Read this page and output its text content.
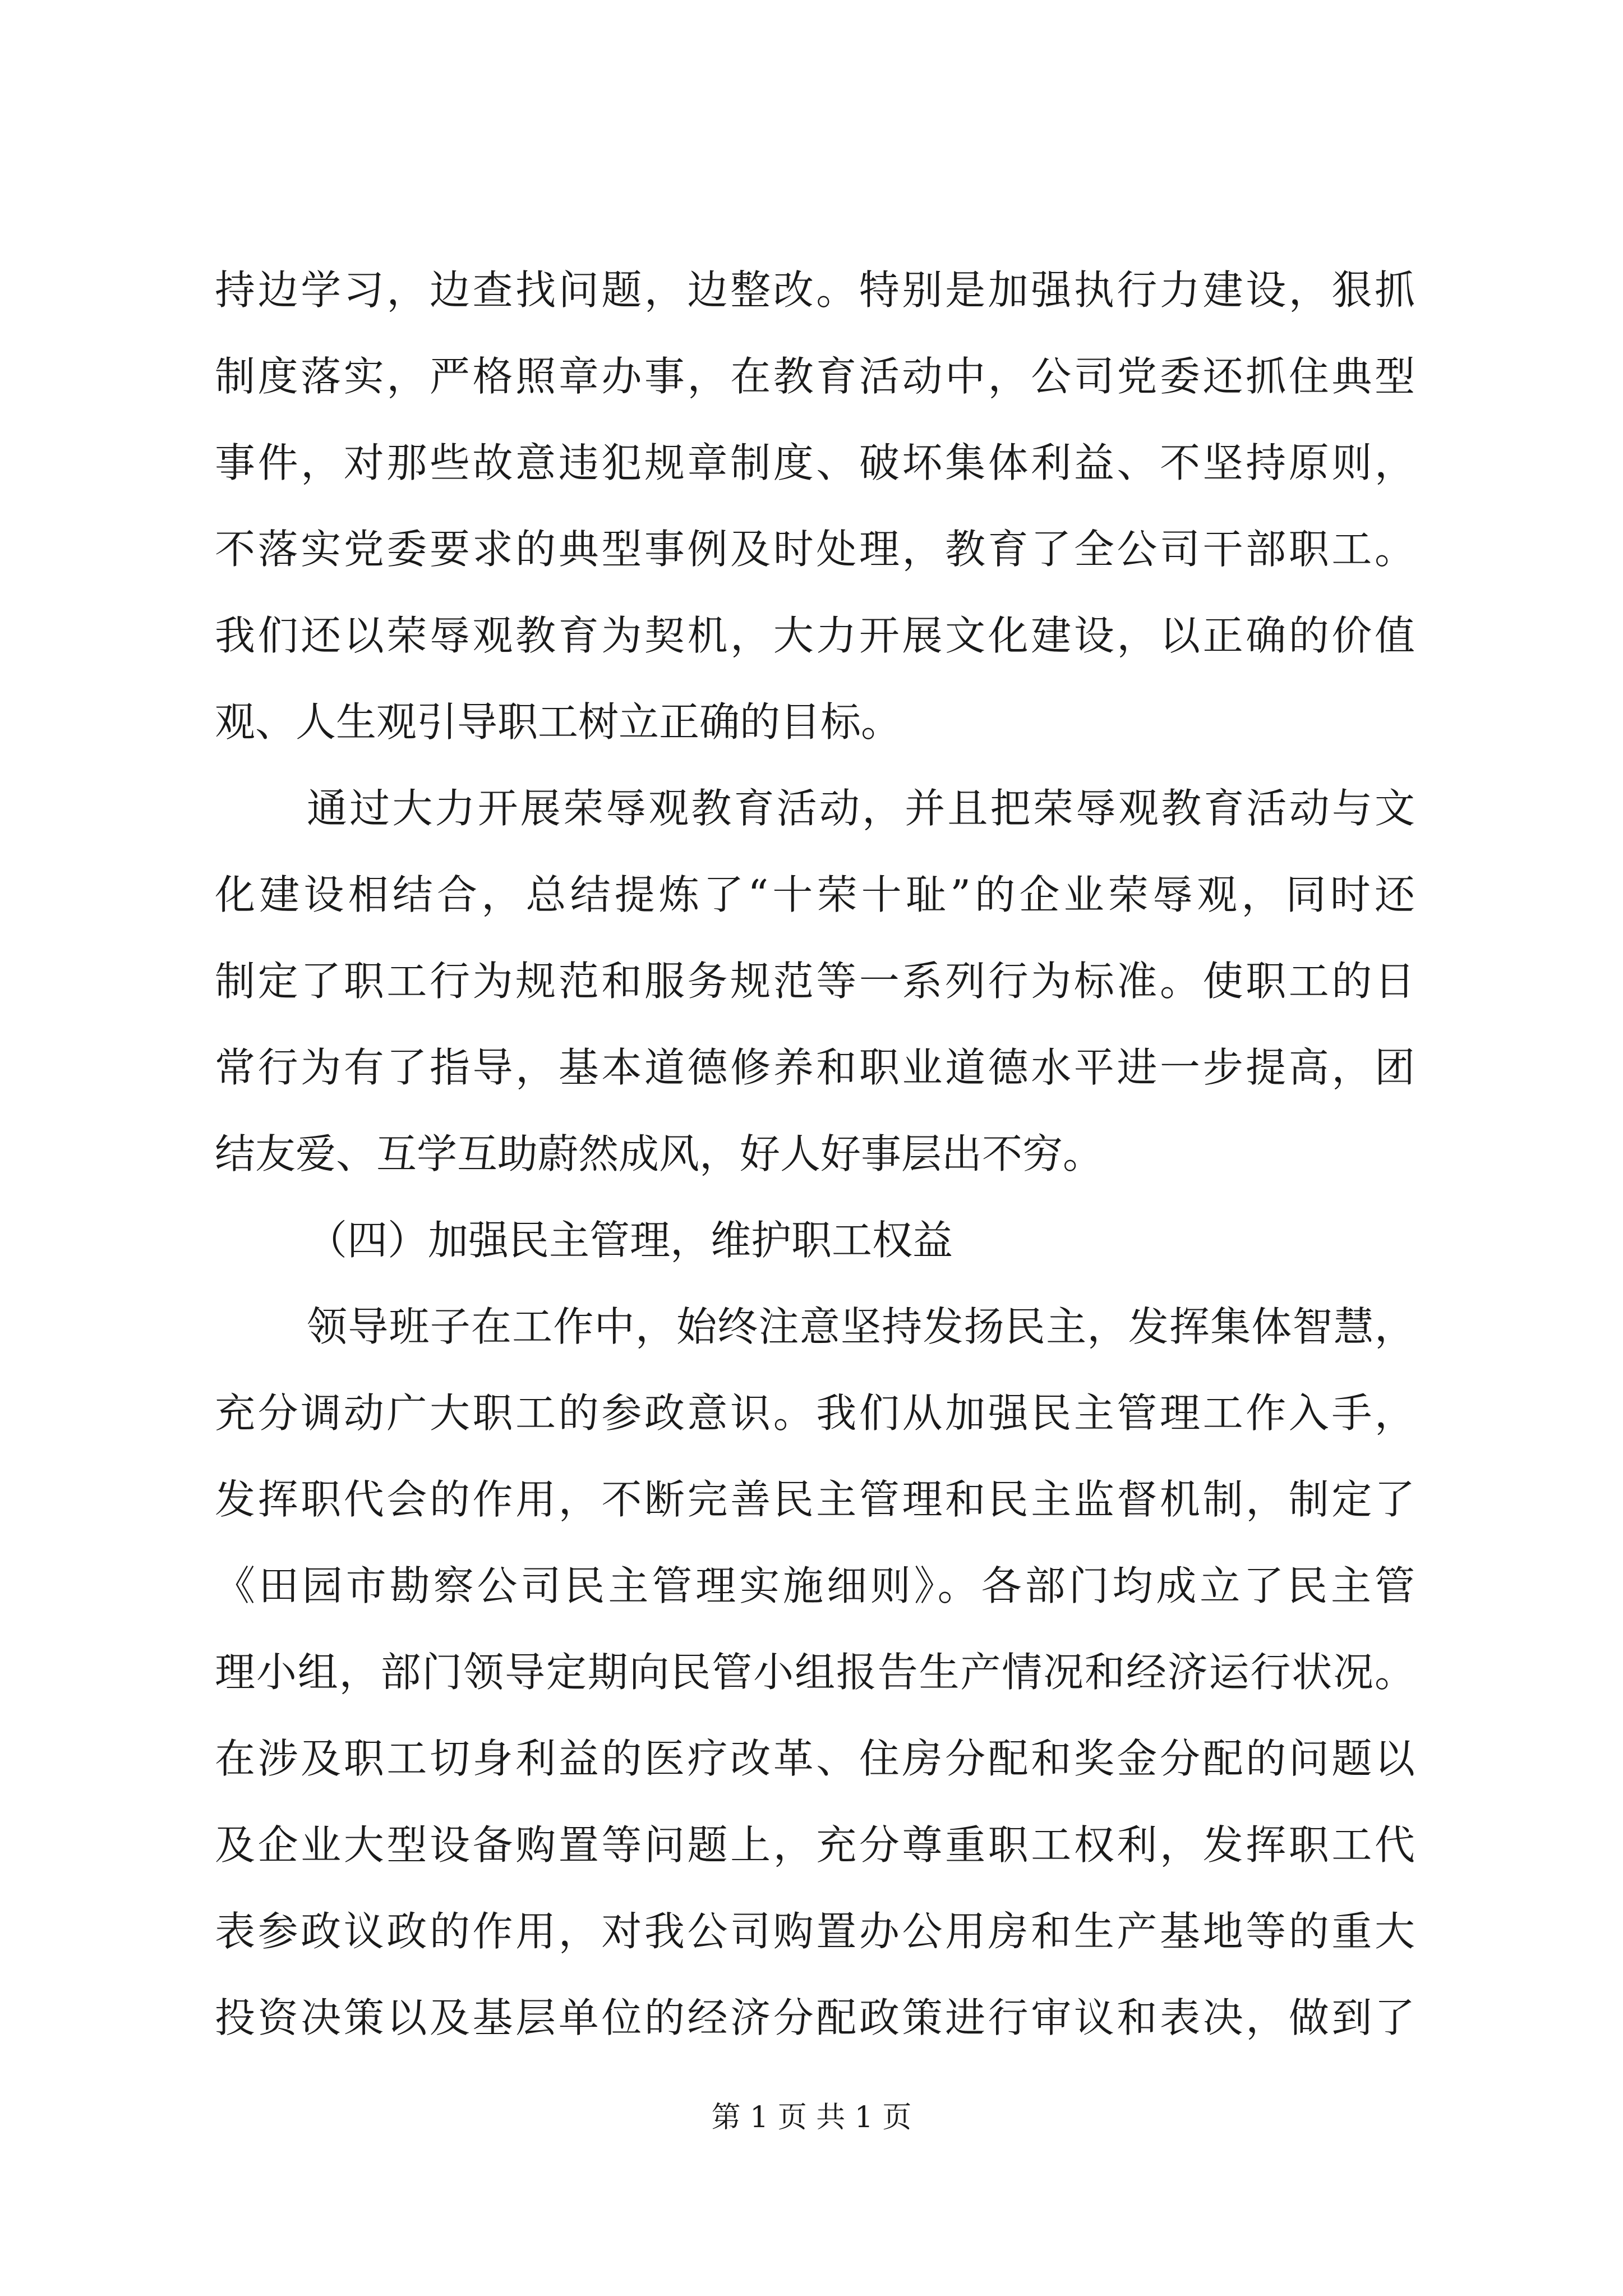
持边学习，边查找问题，边整改。特别是加强执行力建设，狠抓
制度落实，严格照章办事，在教育活动中，公司党委还抓住典型
事件，对那些故意违犯规章制度、破坏集体利益、不坚持原则，
不落实党委要求的典型事例及时处理，教育了全公司干部职工。
我们还以荣辱观教育为契机，大力开展文化建设，以正确的价值
观、人生观引导职工树立正确的目标。
通过大力开展荣辱观教育活动，并且把荣辱观教育活动与文
化建设相结合，总结提炼了“十荣十耻”的企业荣辱观，同时还
制定了职工行为规范和服务规范等一系列行为标准。使职工的日
常行为有了指导，基本道德修养和职业道德水平进一步提高，团
结友爱、互学互助蔚然成风，好人好事层出不穷。
（四）加强民主管理，维护职工权益
领导班子在工作中，始终注意坚持发扬民主，发挥集体智慧，
充分调动广大职工的参政意识。我们从加强民主管理工作入手，
发挥职代会的作用，不断完善民主管理和民主监督机制，制定了
《田园市勘察公司民主管理实施细则》。各部门均成立了民主管
理小组，部门领导定期向民管小组报告生产情况和经济运行状况。
在涉及职工切身利益的医疗改革、住房分配和奖金分配的问题以
及企业大型设备购置等问题上，充分尊重职工权利，发挥职工代
表参政议政的作用，对我公司购置办公用房和生产基地等的重大
投资决策以及基层单位的经济分配政策进行审议和表决，做到了
第 1 页 共 1 页
